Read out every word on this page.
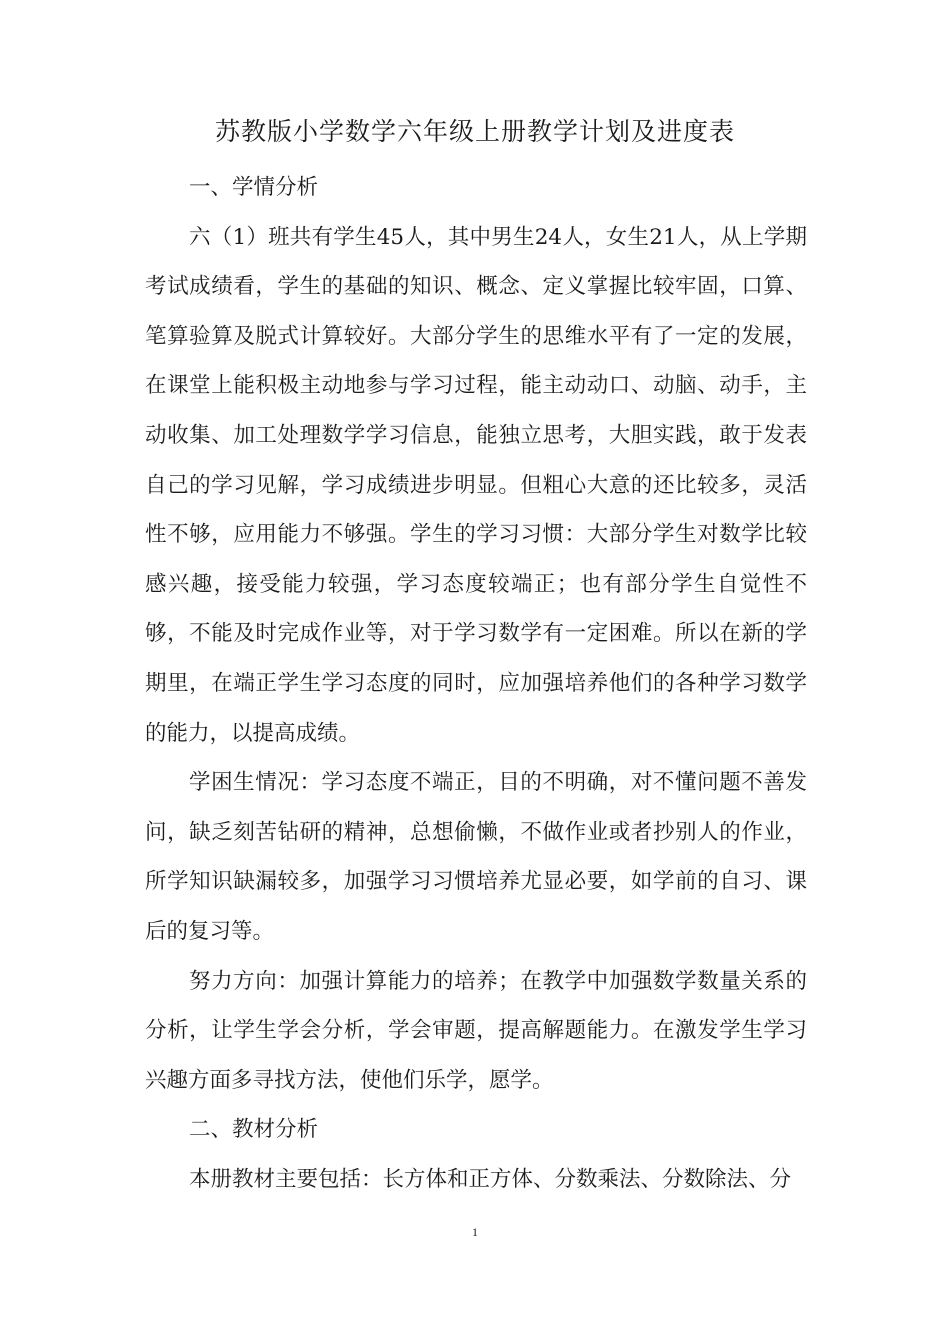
苏教版小学数学六年级上册教学计划及进度表

一、学情分析

六（1）班共有学生45人，其中男生24人，女生21人，从上学期考试成绩看，学生的基础的知识、概念、定义掌握比较牢固，口算、笔算验算及脱式计算较好。大部分学生的思维水平有了一定的发展，在课堂上能积极主动地参与学习过程，能主动动口、动脑、动手，主动收集、加工处理数学学习信息，能独立思考，大胆实践，敢于发表自己的学习见解，学习成绩进步明显。但粗心大意的还比较多，灵活性不够，应用能力不够强。学生的学习习惯：大部分学生对数学比较感兴趣，接受能力较强，学习态度较端正；也有部分学生自觉性不够，不能及时完成作业等，对于学习数学有一定困难。所以在新的学期里，在端正学生学习态度的同时，应加强培养他们的各种学习数学的能力，以提高成绩。

学困生情况：学习态度不端正，目的不明确，对不懂问题不善发问，缺乏刻苦钻研的精神，总想偷懒，不做作业或者抄别人的作业，所学知识缺漏较多，加强学习习惯培养尤显必要，如学前的自习、课后的复习等。

努力方向：加强计算能力的培养；在教学中加强数学数量关系的分析，让学生学会分析，学会审题，提高解题能力。在激发学生学习兴趣方面多寻找方法，使他们乐学，愿学。

二、教材分析

本册教材主要包括：长方体和正方体、分数乘法、分数除法、分

1
